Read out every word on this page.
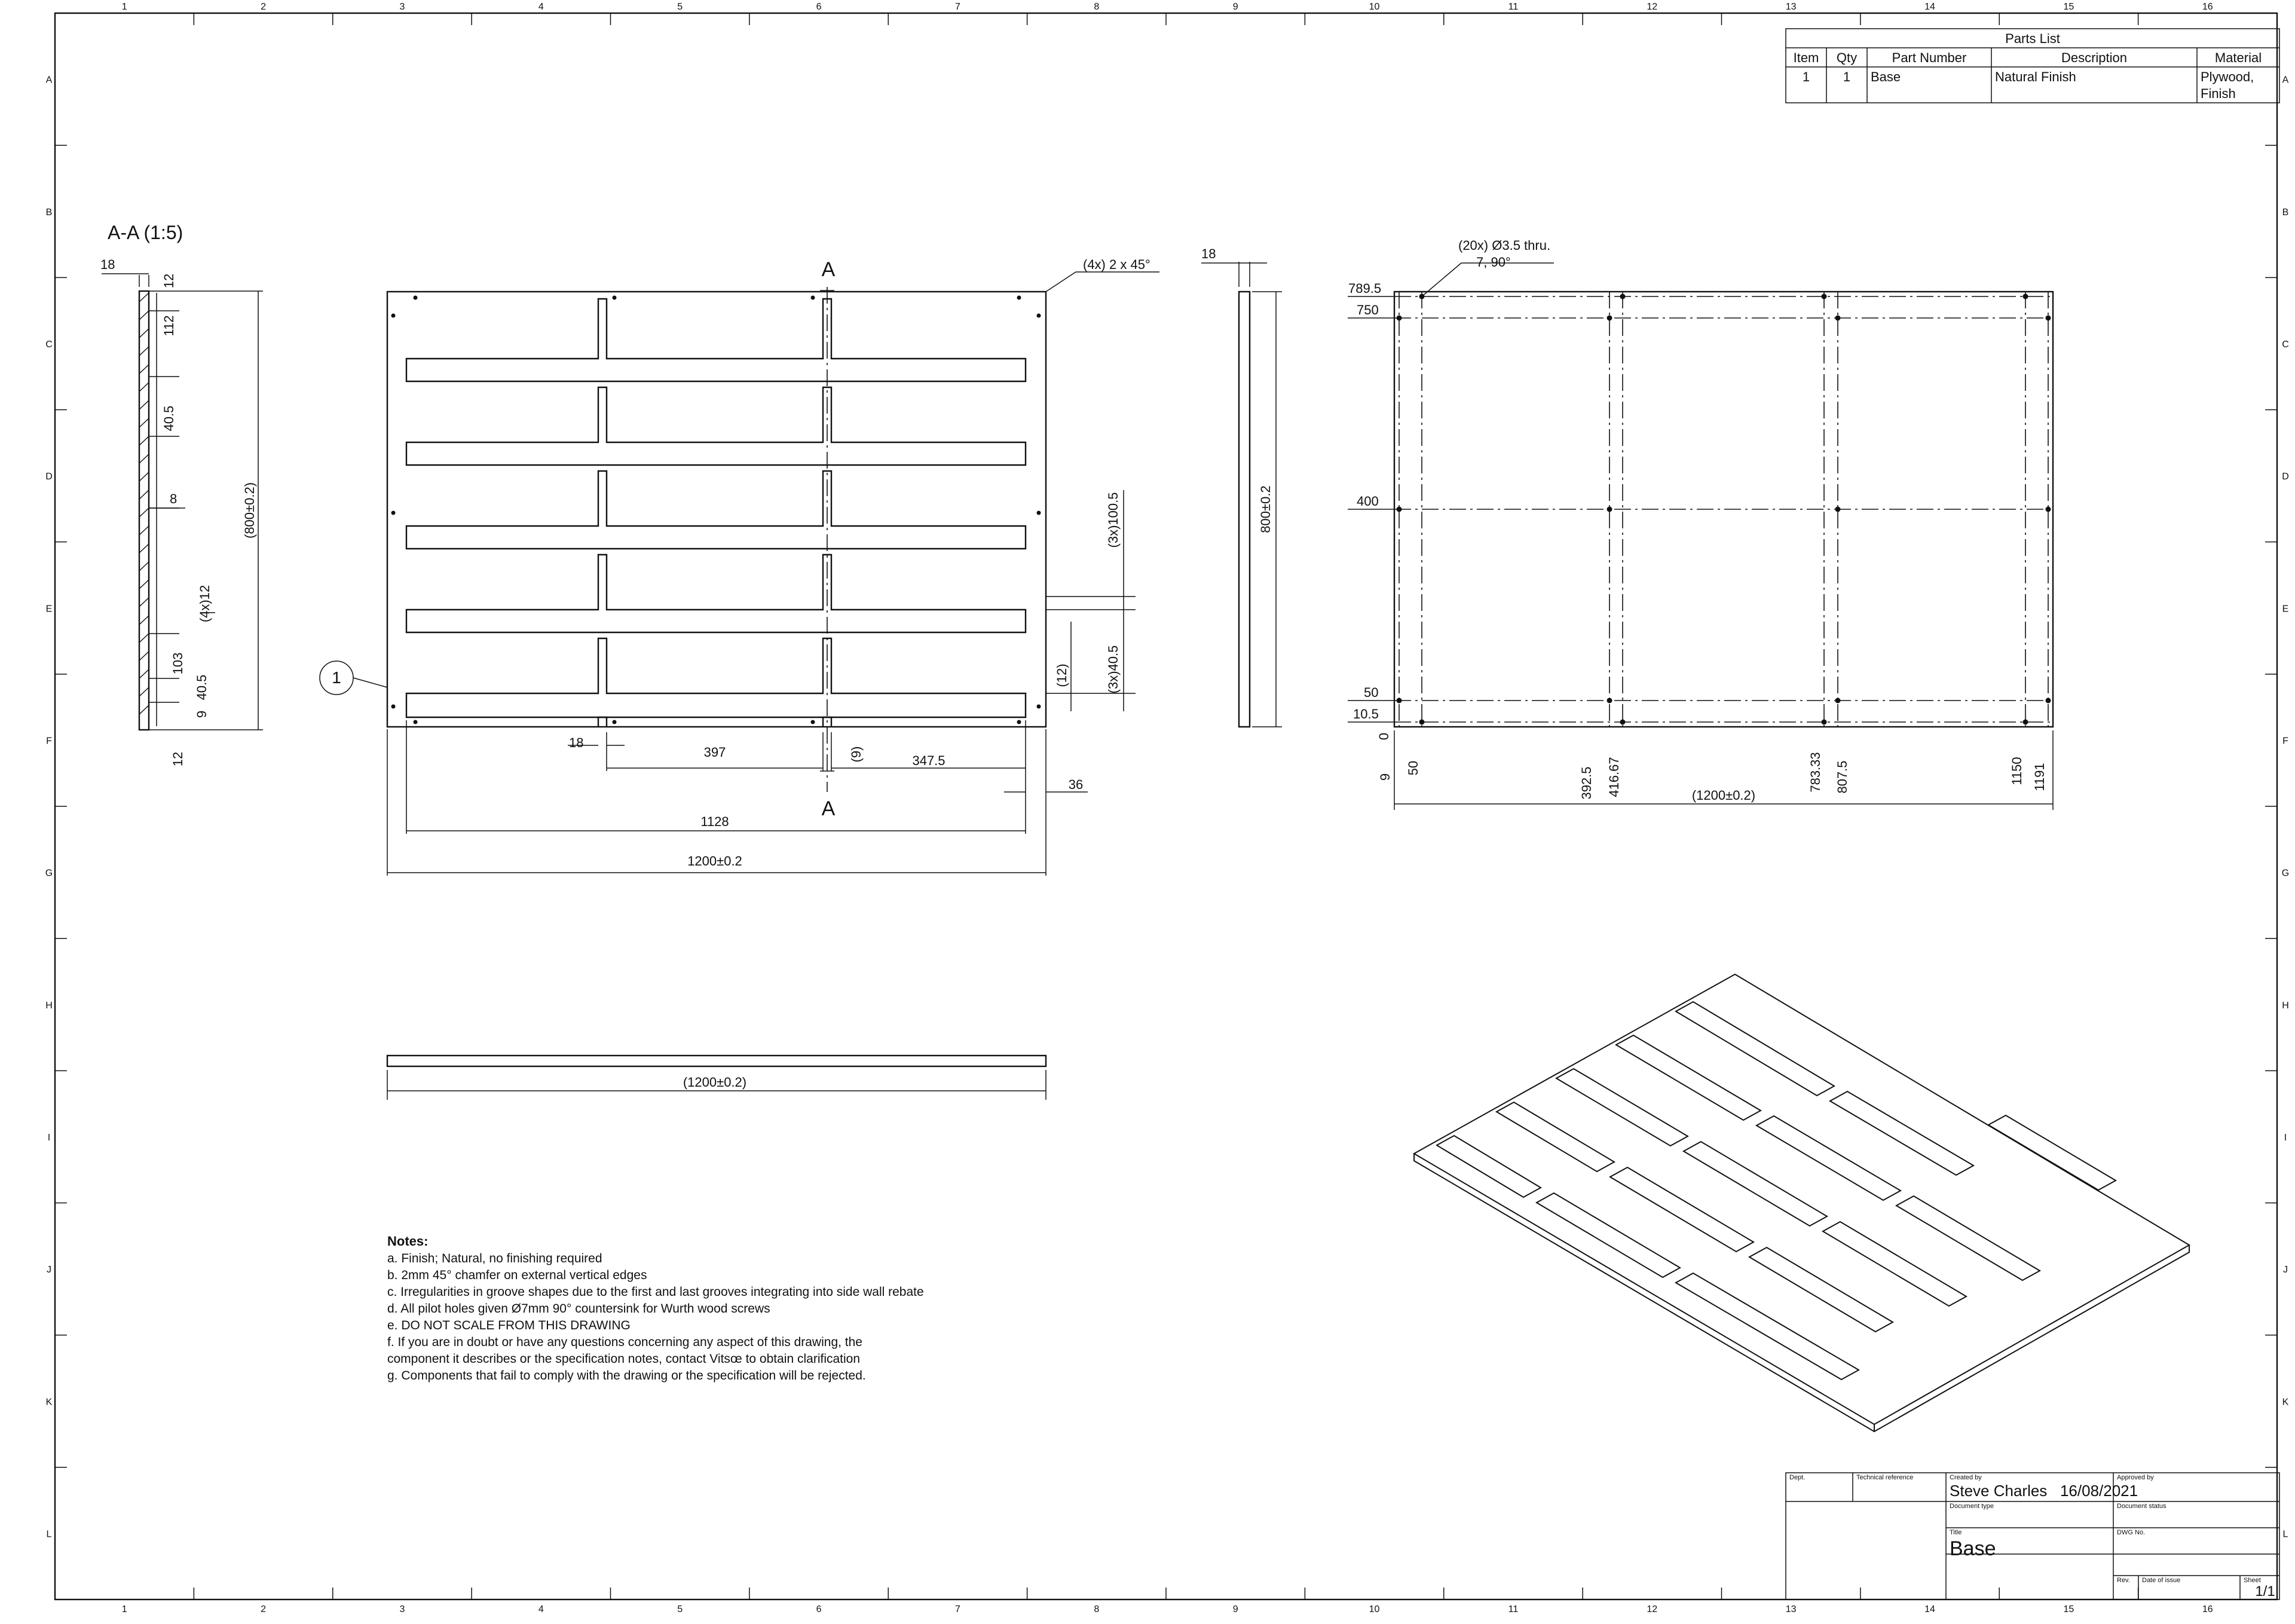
1
1
2
2
3
3
4
4
5
5
6
6
7
7
8
8
9
9
10
10
11
11
12
12
13
13
14
14
15
15
16
16
A	A
B	B
C	C
D	D
E	E
F	F
G	G
H	H
I	I
J	J
K	K
L	L
Parts List
Item Qty	Part Number	Description	Material
1	1 Base	Natural Finish	Plywood,
Finish
A-A (1:5)
18
12
112
40.5
8	(800±0.2)
(4x)12
103
9
40.5
12
A
A
(4x) 2 x 45°
1
(3x)100.5
(3x)40.5
(12)
18
397	(9)	347.5
36
1128
1200±0.2
18
800±0.2
(1200±0.2)
(20x) Ø3.5 thru.
7, 90°
789.5
750
400
50
10.5
0
9
50	392.5 416.67	783.33 807.5	1150 1191
(1200±0.2)
Notes:
a. Finish; Natural, no finishing required
b. 2mm 45° chamfer on external vertical edges
c. Irregularities in groove shapes due to the first and last grooves integrating into side wall rebate
d. All pilot holes given Ø7mm 90° countersink for Wurth wood screws
e. DO NOT SCALE FROM THIS DRAWING
f. If you are in doubt or have any questions concerning any aspect of this drawing, the
component it describes or the specification notes, contact Vitsœ to obtain clarification
g. Components that fail to comply with the drawing or the specification will be rejected.
Dept.	Technical reference	Created by
Steve Charles   16/08/2021
Approved by
Document type	Document status
Title
Base
DWG No.
Rev. Date of issue	Sheet
1/1
